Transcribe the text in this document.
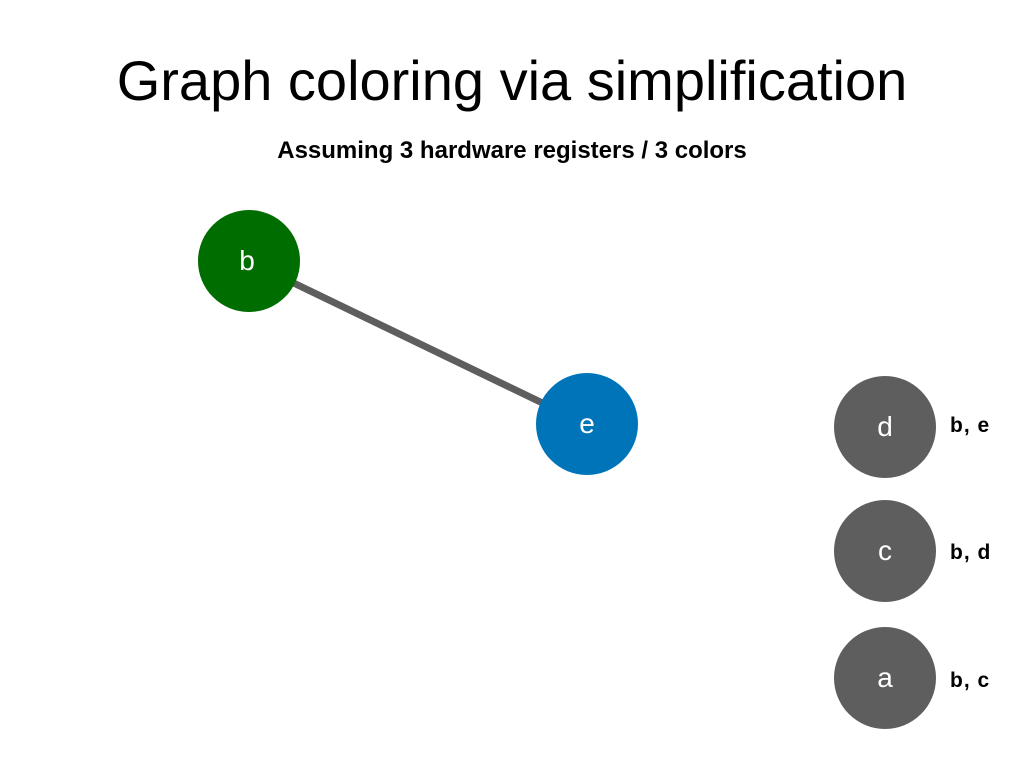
Graph coloring via simplification
Assuming 3 hardware registers / 3 colors
b
e	d	b, e
c	b, d
a	b, c
